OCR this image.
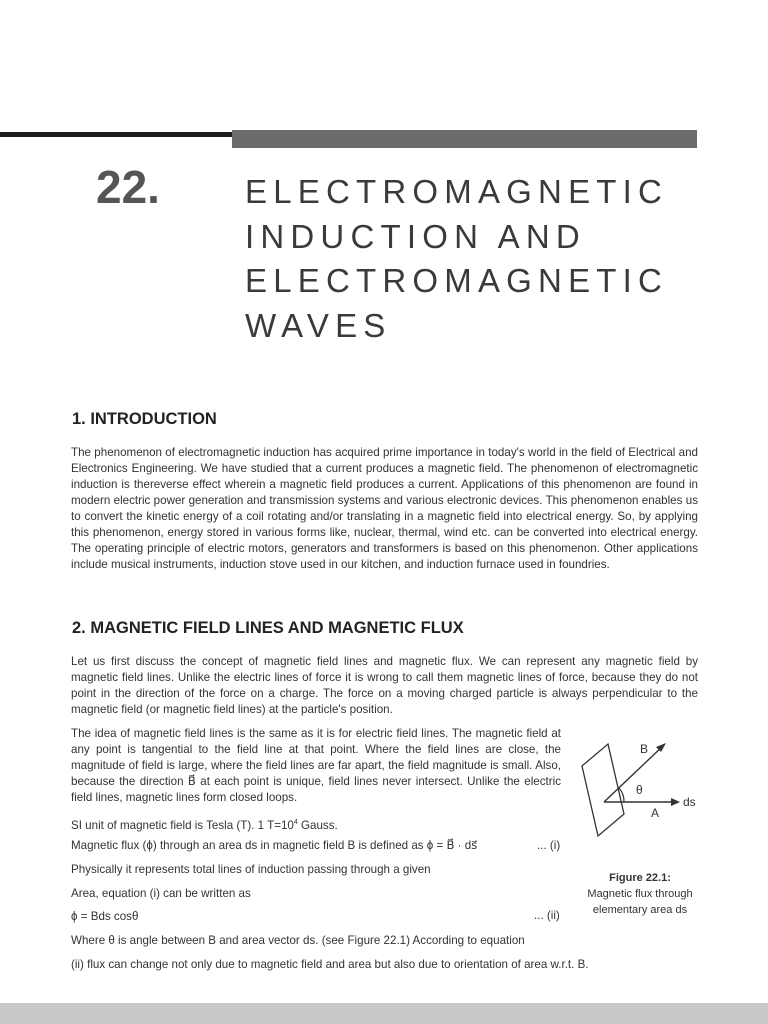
22.	ELECTROMAGNETIC
INDUCTION AND
ELECTROMAGNETIC
WAVES
1. INTRODUCTION

The phenomenon of electromagnetic induction has acquired prime importance in today's world in the field of Electrical and Electronics Engineering. We have studied that a current produces a magnetic field. The phenomenon of electromagnetic induction is thereverse effect wherein a magnetic field produces a current. Applications of this phenomenon are found in modern electric power generation and transmission systems and various electronic devices. This phenomenon enables us to convert the kinetic energy of a coil rotating and/or translating in a magnetic field into electrical energy. So, by applying this phenomenon, energy stored in various forms like, nuclear, thermal, wind etc. can be converted into electrical energy. The operating principle of electric motors, generators and transformers is based on this phenomenon. Other applications include musical instruments, induction stove used in our kitchen, and induction furnace used in foundries.

2. MAGNETIC FIELD LINES AND MAGNETIC FLUX

Let us first discuss the concept of magnetic field lines and magnetic flux. We can represent any magnetic field by magnetic field lines. Unlike the electric lines of force it is wrong to call them magnetic lines of force, because they do not point in the direction of the force on a charge. The force on a moving charged particle is always perpendicular to the magnetic field (or magnetic field lines) at the particle's position.

The idea of magnetic field lines is the same as it is for electric field lines. The magnetic field at any point is tangential to the field line at that point. Where the field lines are close, the magnitude of field is large, where the field lines are far apart, the field magnitude is small. Also, because the direction B⃗ at each point is unique, field lines never intersect. Unlike the electric field lines, magnetic lines form closed loops.

SI unit of magnetic field is Tesla (T). 1 $T=10^4$ Gauss.
Magnetic flux (ϕ) through an area ds in magnetic field B is defined as ϕ = B⃗ · ds⃗	... (i)
Physically it represents total lines of induction passing through a given
Area, equation (i) can be written as
ϕ = Bds cosθ	... (ii)
Where θ is angle between B and area vector ds. (see Figure 22.1) According to equation
(ii) flux can change not only due to magnetic field and area but also due to orientation of area w.r.t. B.
B
θ
ds
A
Figure 22.1:
Magnetic flux through
elementary area ds
